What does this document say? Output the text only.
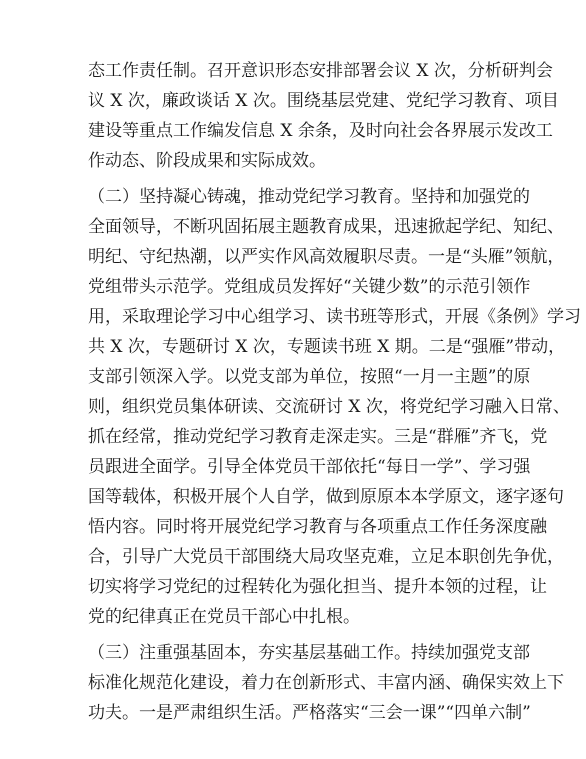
态工作责任制。召开意识形态安排部署会议 X 次，分析研判会
议 X 次，廉政谈话 X 次。围绕基层党建、党纪学习教育、项目
建设等重点工作编发信息 X 余条，及时向社会各界展示发改工
作动态、阶段成果和实际成效。
（二）坚持凝心铸魂，推动党纪学习教育。坚持和加强党的
全面领导，不断巩固拓展主题教育成果，迅速掀起学纪、知纪、
明纪、守纪热潮，以严实作风高效履职尽责。一是“头雁”领航，
党组带头示范学。党组成员发挥好“关键少数”的示范引领作
用，采取理论学习中心组学习、读书班等形式，开展《条例》学习
共 X 次，专题研讨 X 次，专题读书班 X 期。二是“强雁”带动，
支部引领深入学。以党支部为单位，按照“一月一主题”的原
则，组织党员集体研读、交流研讨 X 次，将党纪学习融入日常、
抓在经常，推动党纪学习教育走深走实。三是“群雁”齐飞，党
员跟进全面学。引导全体党员干部依托“每日一学”、学习强
国等载体，积极开展个人自学，做到原原本本学原文，逐字逐句
悟内容。同时将开展党纪学习教育与各项重点工作任务深度融
合，引导广大党员干部围绕大局攻坚克难，立足本职创先争优，
切实将学习党纪的过程转化为强化担当、提升本领的过程，让
党的纪律真正在党员干部心中扎根。
（三）注重强基固本，夯实基层基础工作。持续加强党支部
标准化规范化建设，着力在创新形式、丰富内涵、确保实效上下
功夫。一是严肃组织生活。严格落实“三会一课”“四单六制”
